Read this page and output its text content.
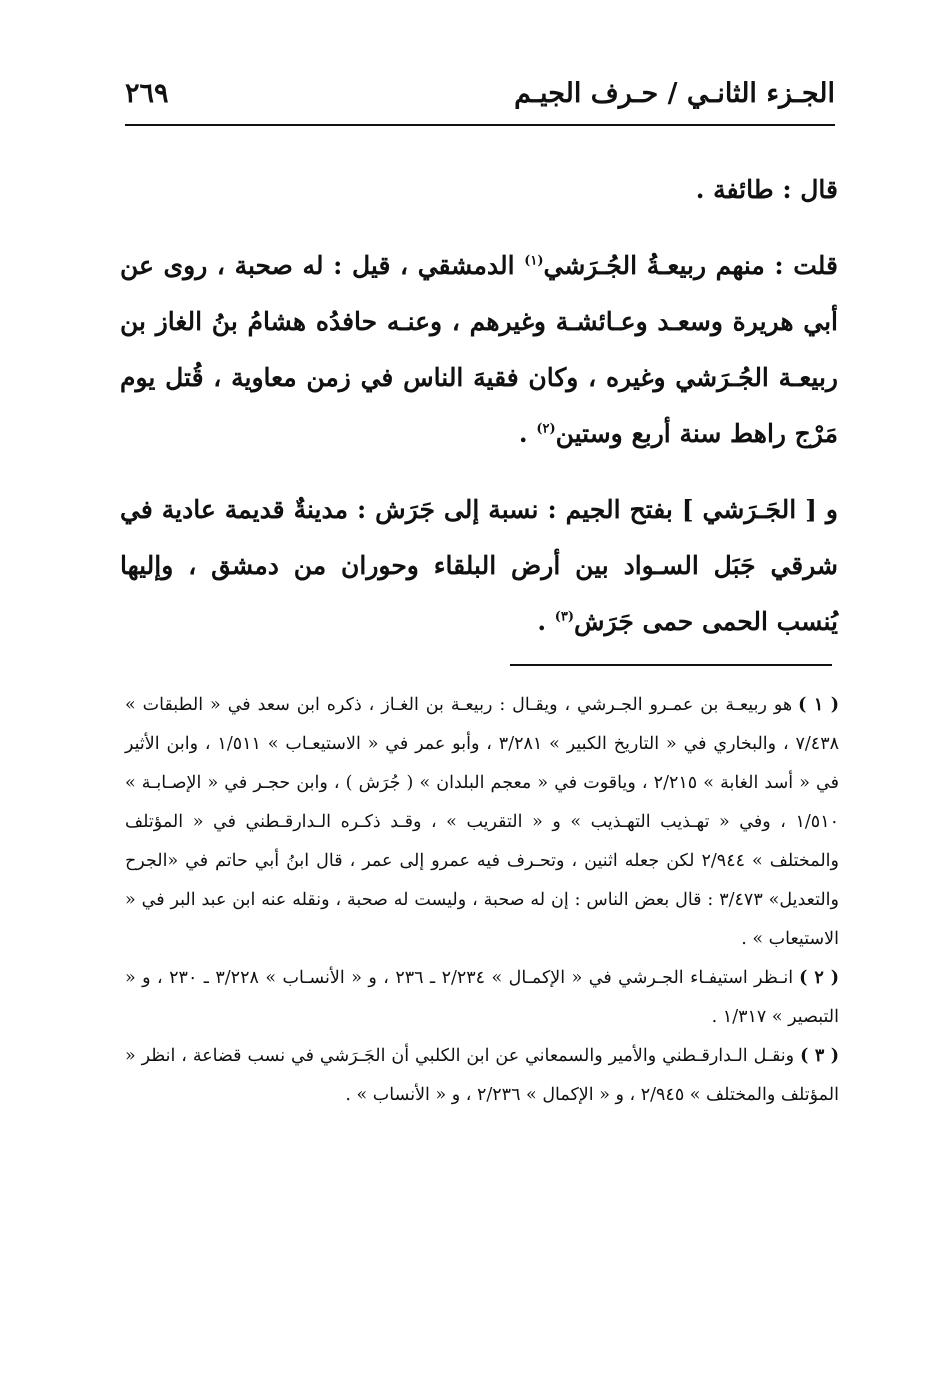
الجـزء الثانـي / حـرف الجيـم
٢٦٩

قال : طائفة .

قلت : منهم ربيعـةُ الجُـرَشي$^{(١)}$ الدمشقي ، قيل : له صحبة ، روى عن أبي هريرة وسعـد وعـائشـة وغيرهم ، وعنـه حافدُه هشامُ بنُ الغاز بن ربيعـة الجُـرَشي وغيره ، وكان فقيهَ الناس في زمن معاوية ، قُتل يوم مَرْج راهط سنة أربع وستين$^{(٢)}$ .

و [ الجَـرَشي ] بفتح الجيم : نسبة إلى جَرَش : مدينةٌ قديمة عادية في شرقي جَبَل السـواد بين أرض البلقاء وحوران من دمشق ، وإليها يُنسب الحمى حمى جَرَش$^{(٣)}$ .

( ١ )هو ربيعـة بن عمـرو الجـرشي ، ويقـال : ربيعـة بن الغـاز ، ذكره ابن سعد في « الطبقات » ٧/٤٣٨ ، والبخاري في « التاريخ الكبير » ٣/٢٨١ ، وأبو عمر في « الاستيعـاب » ١/٥١١ ، وابن الأثير في « أسد الغابة » ٢/٢١٥ ، وياقوت في « معجم البلدان » ( جُرَش ) ، وابن حجـر في « الإصـابـة » ١/٥١٠ ، وفي « تهـذيب التهـذيب » و « التقريب » ، وقـد ذكـره الـدارقـطني في « المؤتلف والمختلف » ٢/٩٤٤ لكن جعله اثنين ، وتحـرف فيه عمرو إلى عمر ، قال ابنُ أبي حاتم في «الجرح والتعديل» ٣/٤٧٣ : قال بعض الناس : إن له صحبة ، وليست له صحبة ، ونقله عنه ابن عبد البر في « الاستيعاب » .

( ٢ )انـظر استيفـاء الجـرشي في « الإكمـال » ٢/٢٣٤ ـ ٢٣٦ ، و « الأنسـاب » ٣/٢٢٨ ـ ٢٣٠ ، و « التبصير » ١/٣١٧ .

( ٣ )ونقـل الـدارقـطني والأمير والسمعاني عن ابن الكلبي أن الجَـرَشي في نسب قضاعة ، انظر « المؤتلف والمختلف » ٢/٩٤٥ ، و « الإكمال » ٢/٢٣٦ ، و « الأنساب » .
